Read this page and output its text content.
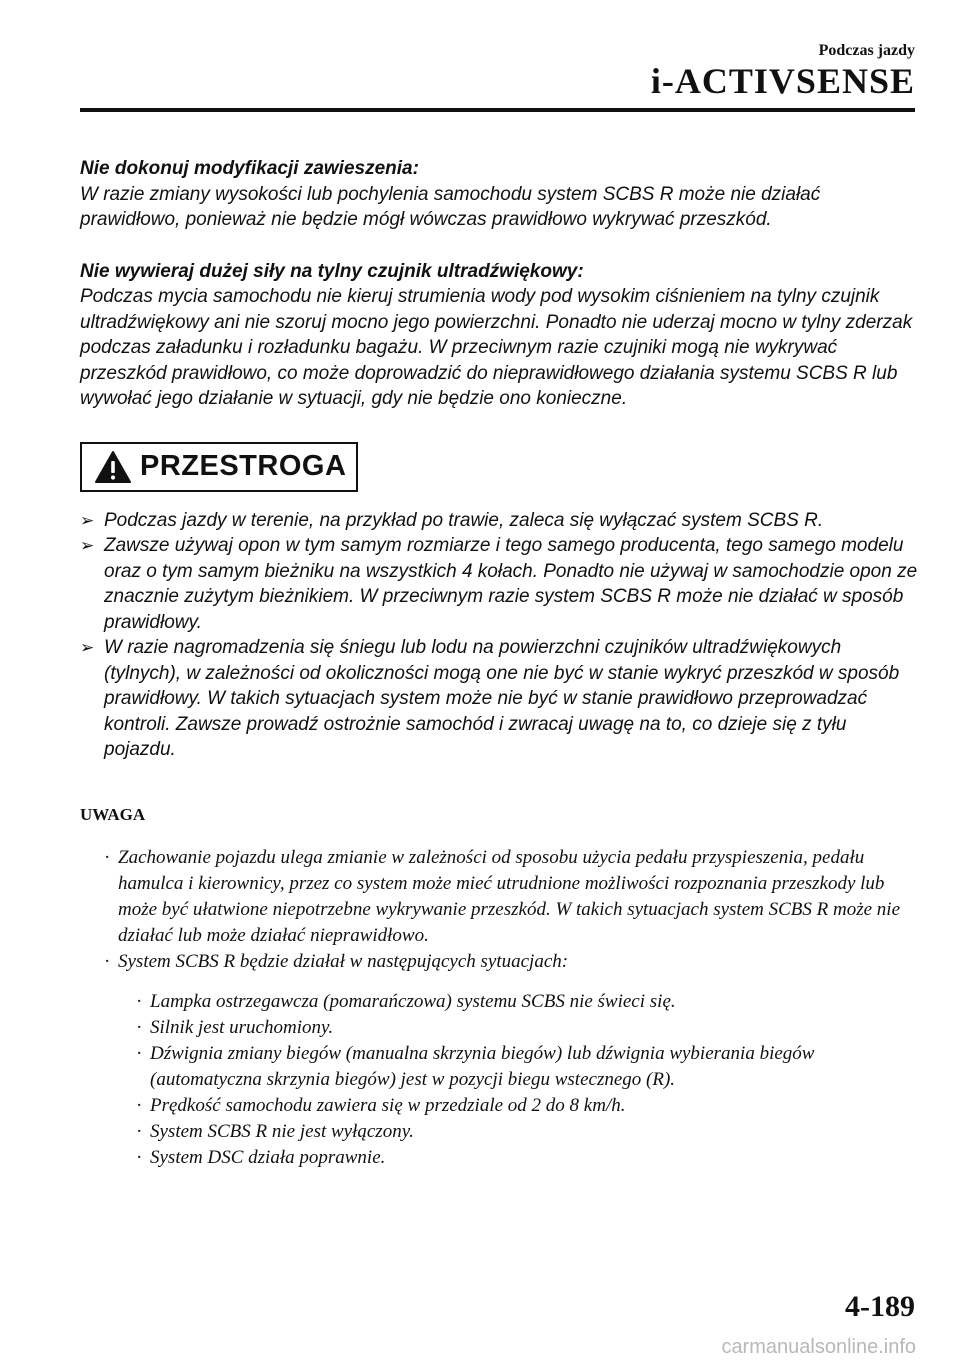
Podczas jazdy
i-ACTIVSENSE
Nie dokonuj modyfikacji zawieszenia:
W razie zmiany wysokości lub pochylenia samochodu system SCBS R może nie działać prawidłowo, ponieważ nie będzie mógł wówczas prawidłowo wykrywać przeszkód.
Nie wywieraj dużej siły na tylny czujnik ultradźwiękowy:
Podczas mycia samochodu nie kieruj strumienia wody pod wysokim ciśnieniem na tylny czujnik ultradźwiękowy ani nie szoruj mocno jego powierzchni. Ponadto nie uderzaj mocno w tylny zderzak podczas załadunku i rozładunku bagażu. W przeciwnym razie czujniki mogą nie wykrywać przeszkód prawidłowo, co może doprowadzić do nieprawidłowego działania systemu SCBS R lub wywołać jego działanie w sytuacji, gdy nie będzie ono konieczne.
PRZESTROGA
➢ Podczas jazdy w terenie, na przykład po trawie, zaleca się wyłączać system SCBS R.
➢ Zawsze używaj opon w tym samym rozmiarze i tego samego producenta, tego samego modelu oraz o tym samym bieżniku na wszystkich 4 kołach. Ponadto nie używaj w samochodzie opon ze znacznie zużytym bieżnikiem. W przeciwnym razie system SCBS R może nie działać w sposób prawidłowy.
➢ W razie nagromadzenia się śniegu lub lodu na powierzchni czujników ultradźwiękowych (tylnych), w zależności od okoliczności mogą one nie być w stanie wykryć przeszkód w sposób prawidłowy. W takich sytuacjach system może nie być w stanie prawidłowo przeprowadzać kontroli. Zawsze prowadź ostrożnie samochód i zwracaj uwagę na to, co dzieje się z tyłu pojazdu.
UWAGA
· Zachowanie pojazdu ulega zmianie w zależności od sposobu użycia pedału przyspieszenia, pedału hamulca i kierownicy, przez co system może mieć utrudnione możliwości rozpoznania przeszkody lub może być ułatwione niepotrzebne wykrywanie przeszkód. W takich sytuacjach system SCBS R może nie działać lub może działać nieprawidłowo.
· System SCBS R będzie działał w następujących sytuacjach:
· Lampka ostrzegawcza (pomarańczowa) systemu SCBS nie świeci się.
· Silnik jest uruchomiony.
· Dźwignia zmiany biegów (manualna skrzynia biegów) lub dźwignia wybierania biegów (automatyczna skrzynia biegów) jest w pozycji biegu wstecznego (R).
· Prędkość samochodu zawiera się w przedziale od 2 do 8 km/h.
· System SCBS R nie jest wyłączony.
· System DSC działa poprawnie.
4-189
carmanualsonline.info
